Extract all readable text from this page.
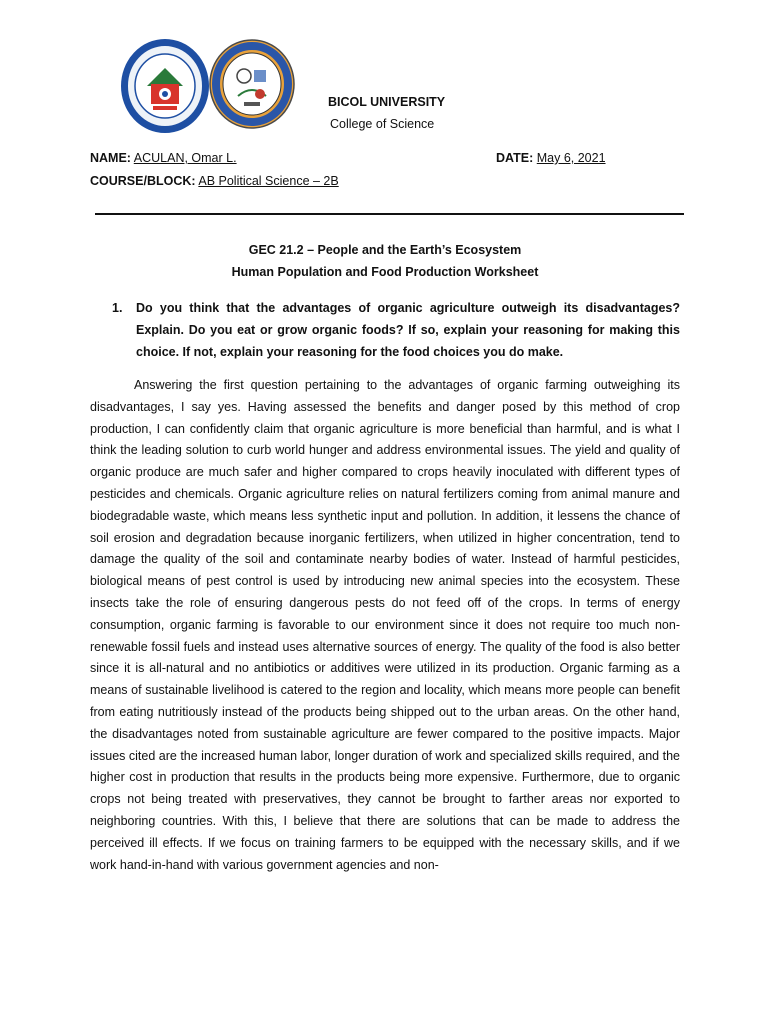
BICOL UNIVERSITY
College of Science
NAME: ACULAN, Omar L.	DATE: May 6, 2021
COURSE/BLOCK: AB Political Science – 2B
GEC 21.2 – People and the Earth’s Ecosystem
Human Population and Food Production Worksheet
1. Do you think that the advantages of organic agriculture outweigh its disadvantages? Explain. Do you eat or grow organic foods? If so, explain your reasoning for making this choice. If not, explain your reasoning for the food choices you do make.

Answering the first question pertaining to the advantages of organic farming outweighing its disadvantages, I say yes. Having assessed the benefits and danger posed by this method of crop production, I can confidently claim that organic agriculture is more beneficial than harmful, and is what I think the leading solution to curb world hunger and address environmental issues. The yield and quality of organic produce are much safer and higher compared to crops heavily inoculated with different types of pesticides and chemicals. Organic agriculture relies on natural fertilizers coming from animal manure and biodegradable waste, which means less synthetic input and pollution. In addition, it lessens the chance of soil erosion and degradation because inorganic fertilizers, when utilized in higher concentration, tend to damage the quality of the soil and contaminate nearby bodies of water. Instead of harmful pesticides, biological means of pest control is used by introducing new animal species into the ecosystem. These insects take the role of ensuring dangerous pests do not feed off of the crops. In terms of energy consumption, organic farming is favorable to our environment since it does not require too much non-renewable fossil fuels and instead uses alternative sources of energy. The quality of the food is also better since it is all-natural and no antibiotics or additives were utilized in its production. Organic farming as a means of sustainable livelihood is catered to the region and locality, which means more people can benefit from eating nutritiously instead of the products being shipped out to the urban areas. On the other hand, the disadvantages noted from sustainable agriculture are fewer compared to the positive impacts. Major issues cited are the increased human labor, longer duration of work and specialized skills required, and the higher cost in production that results in the products being more expensive. Furthermore, due to organic crops not being treated with preservatives, they cannot be brought to farther areas nor exported to neighboring countries. With this, I believe that there are solutions that can be made to address the perceived ill effects. If we focus on training farmers to be equipped with the necessary skills, and if we work hand-in-hand with various government agencies and non-
